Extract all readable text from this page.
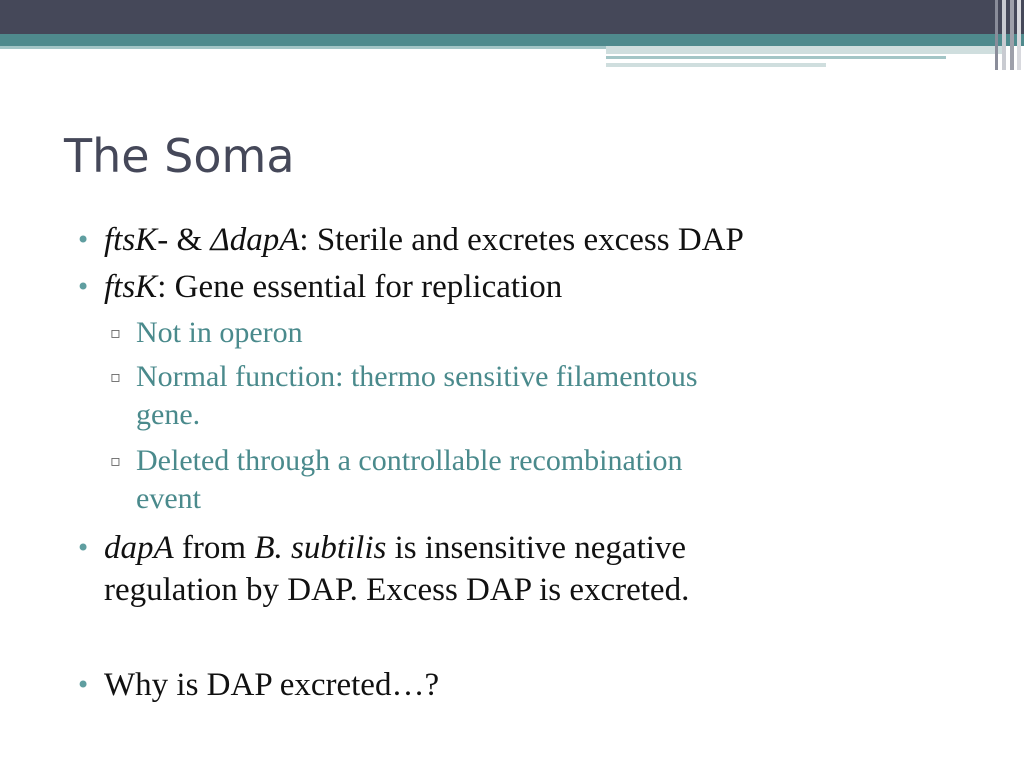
The Soma
• ftsK- & ΔdapA: Sterile and excretes excess DAP
• ftsK: Gene essential for replication
▫ Not in operon
▫ Normal function: thermo sensitive filamentous
gene.
▫ Deleted through a controllable recombination
event
• dapA from B. subtilis is insensitive negative
regulation by DAP. Excess DAP is excreted.
• Why is DAP excreted…?
